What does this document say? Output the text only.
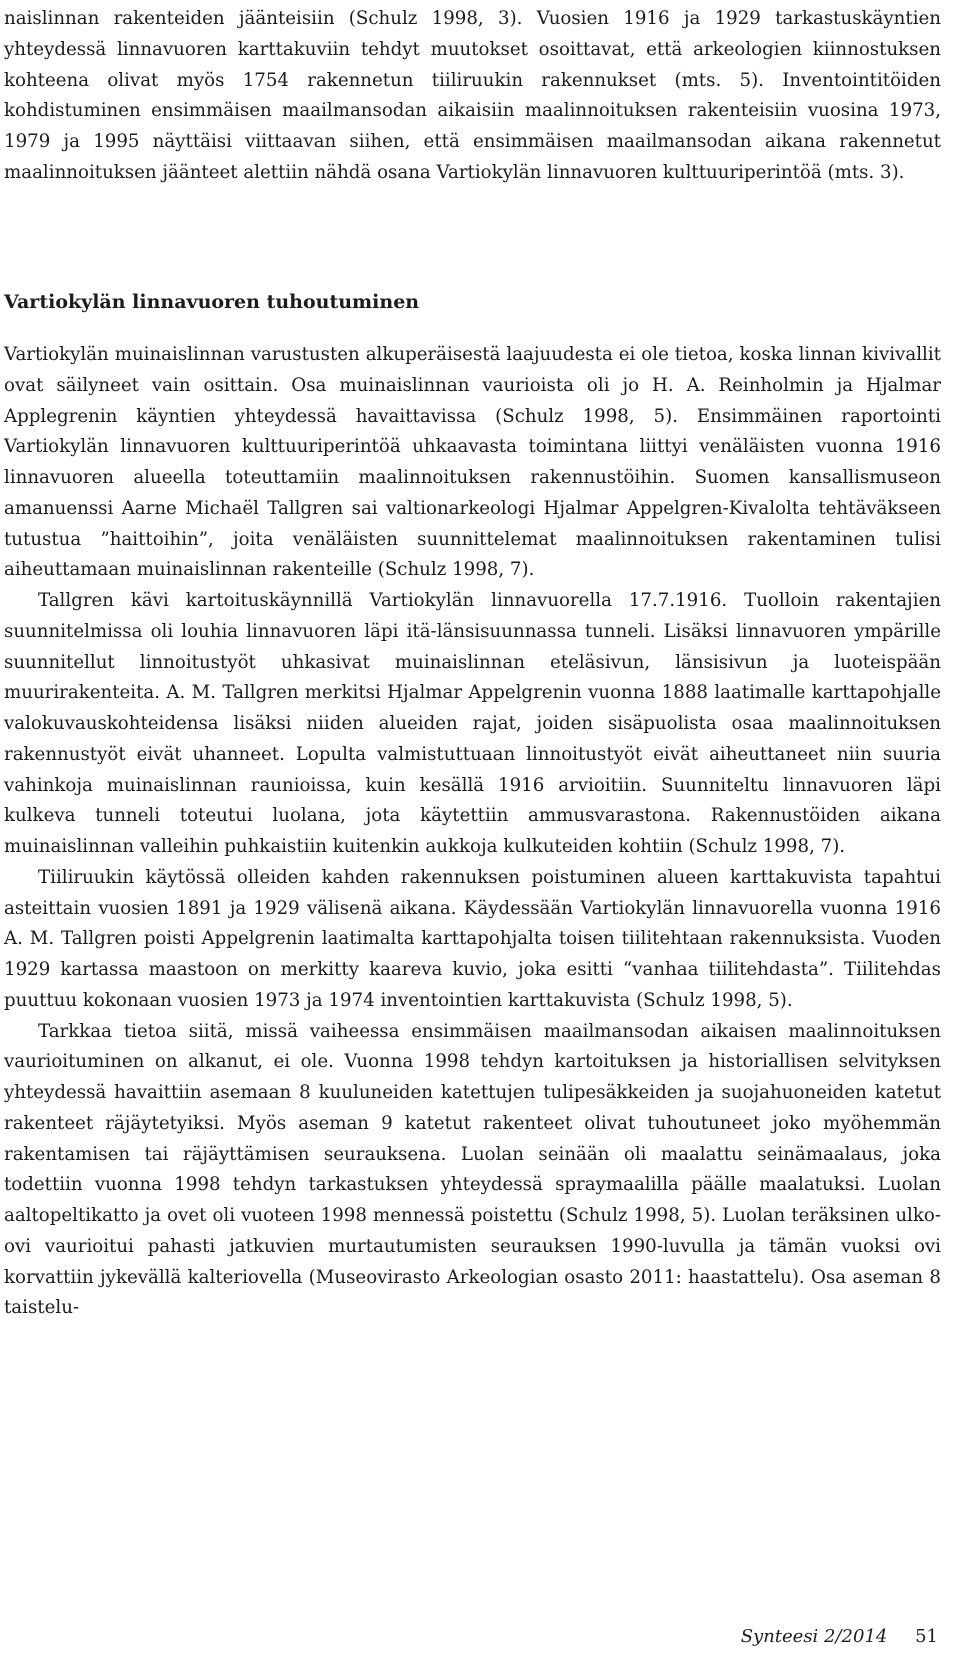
naislinnan rakenteiden jäänteisiin (Schulz 1998, 3). Vuosien 1916 ja 1929 tarkastuskäyntien yhteydessä linnavuoren karttakuviin tehdyt muutokset osoittavat, että arkeologien kiinnostuksen kohteena olivat myös 1754 rakennetun tiiliruukin rakennukset (mts. 5). Inventointitöiden kohdistuminen ensimmäisen maailmansodan aikaisiin maalinnoituksen rakenteisiin vuosina 1973, 1979 ja 1995 näyttäisi viittaavan siihen, että ensimmäisen maailmansodan aikana rakennetut maalinnoituksen jäänteet alettiin nähdä osana Vartiokylän linnavuoren kulttuuriperintöä (mts. 3).

Vartiokylän linnavuoren tuhoutuminen

Vartiokylän muinaislinnan varustusten alkuperäisestä laajuudesta ei ole tietoa, koska linnan kivivallit ovat säilyneet vain osittain. Osa muinaislinnan vaurioista oli jo H. A. Reinholmin ja Hjalmar Applegrenin käyntien yhteydessä havaittavissa (Schulz 1998, 5). Ensimmäinen raportointi Vartiokylän linnavuoren kulttuuriperintöä uhkaavasta toimintana liittyi venäläisten vuonna 1916 linnavuoren alueella toteuttamiin maalinnoituksen rakennustöihin. Suomen kansallismuseon amanuenssi Aarne Michaël Tallgren sai valtionarkeologi Hjalmar Appelgren-Kivalolta tehtäväkseen tutustua ”haittoihin”, joita venäläisten suunnittelemat maalinnoituksen rakentaminen tulisi aiheuttamaan muinaislinnan rakenteille (Schulz 1998, 7).

Tallgren kävi kartoituskäynnillä Vartiokylän linnavuorella 17.7.1916. Tuolloin rakentajien suunnitelmissa oli louhia linnavuoren läpi itä-länsisuunnassa tunneli. Lisäksi linnavuoren ympärille suunnitellut linnoitustyöt uhkasivat muinaislinnan eteläsivun, länsisivun ja luoteispään muurirakenteita. A. M. Tallgren merkitsi Hjalmar Appelgrenin vuonna 1888 laatimalle karttapohjalle valokuvauskohteidensa lisäksi niiden alueiden rajat, joiden sisäpuolista osaa maalinnoituksen rakennustyöt eivät uhanneet. Lopulta valmistuttuaan linnoitustyöt eivät aiheuttaneet niin suuria vahinkoja muinaislinnan raunioissa, kuin kesällä 1916 arvioitiin. Suunniteltu linnavuoren läpi kulkeva tunneli toteutui luolana, jota käytettiin ammusvarastona. Rakennustöiden aikana muinaislinnan valleihin puhkaistiin kuitenkin aukkoja kulkuteiden kohtiin (Schulz 1998, 7).

Tiiliruukin käytössä olleiden kahden rakennuksen poistuminen alueen karttakuvista tapahtui asteittain vuosien 1891 ja 1929 välisenä aikana. Käydessään Vartiokylän linnavuorella vuonna 1916 A. M. Tallgren poisti Appelgrenin laatimalta karttapohjalta toisen tiilitehtaan rakennuksista. Vuoden 1929 kartassa maastoon on merkitty kaareva kuvio, joka esitti “vanhaa tiilitehdasta”. Tiilitehdas puuttuu kokonaan vuosien 1973 ja 1974 inventointien karttakuvista (Schulz 1998, 5).

Tarkkaa tietoa siitä, missä vaiheessa ensimmäisen maailmansodan aikaisen maalinnoituksen vaurioituminen on alkanut, ei ole. Vuonna 1998 tehdyn kartoituksen ja historiallisen selvityksen yhteydessä havaittiin asemaan 8 kuuluneiden katettujen tulipesäkkeiden ja suojahuoneiden katetut rakenteet räjäytetyiksi. Myös aseman 9 katetut rakenteet olivat tuhoutuneet joko myöhemmän rakentamisen tai räjäyttämisen seurauksena. Luolan seinään oli maalattu seinämaalaus, joka todettiin vuonna 1998 tehdyn tarkastuksen yhteydessä spraymaalilla päälle maalatuksi. Luolan aaltopeltikatto ja ovet oli vuoteen 1998 mennessä poistettu (Schulz 1998, 5). Luolan teräksinen ulko-ovi vaurioitui pahasti jatkuvien murtautumisten seurauksen 1990-luvulla ja tämän vuoksi ovi korvattiin jykevällä kalteriovella (Museovirasto Arkeologian osasto 2011: haastattelu). Osa aseman 8 taistelu-

Synteesi 2/2014 51
